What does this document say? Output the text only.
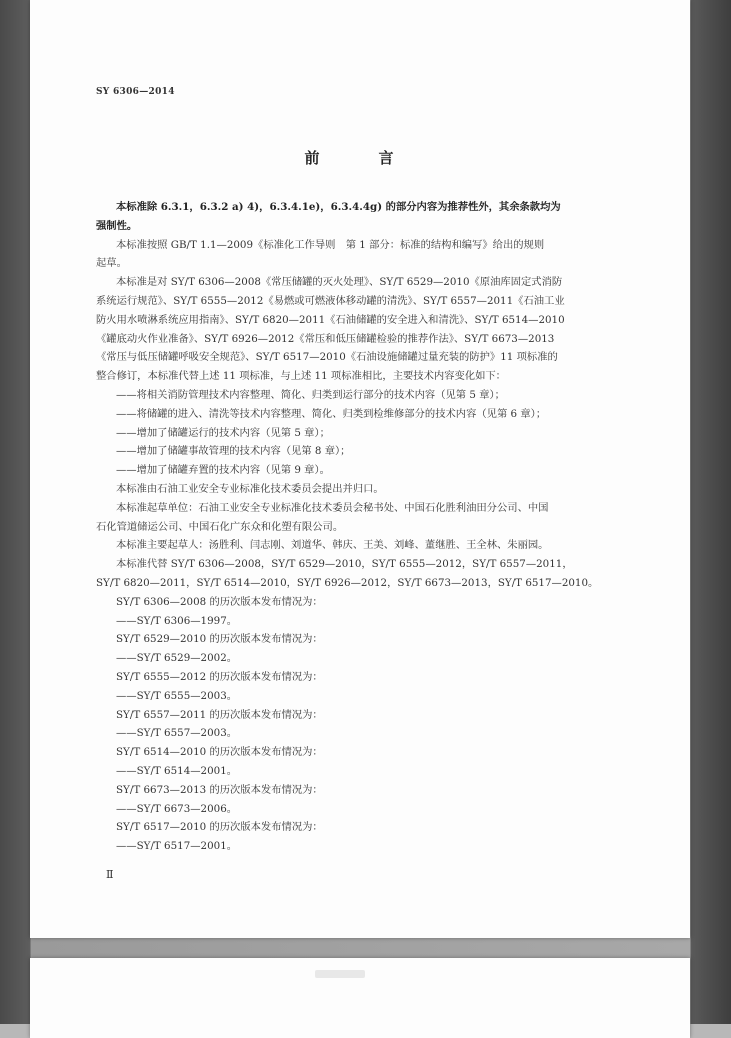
SY 6306—2014
前　言

本标准除 6.3.1，6.3.2 a) 4)，6.3.4.1e)，6.3.4.4g) 的部分内容为推荐性外，其余条款均为

强制性。

本标准按照 GB/T 1.1—2009《标准化工作导则　第 1 部分：标准的结构和编写》给出的规则

起草。

本标准是对 SY/T 6306—2008《常压储罐的灭火处理》、SY/T 6529—2010《原油库固定式消防

系统运行规范》、SY/T 6555—2012《易燃或可燃液体移动罐的清洗》、SY/T 6557—2011《石油工业

防火用水喷淋系统应用指南》、SY/T 6820—2011《石油储罐的安全进入和清洗》、SY/T 6514—2010

《罐底动火作业准备》、SY/T 6926—2012《常压和低压储罐检验的推荐作法》、SY/T 6673—2013

《常压与低压储罐呼吸安全规范》、SY/T 6517—2010《石油设施储罐过量充装的防护》11 项标准的

整合修订，本标准代替上述 11 项标准，与上述 11 项标准相比，主要技术内容变化如下：

——将相关消防管理技术内容整理、简化、归类到运行部分的技术内容（见第 5 章）；

——将储罐的进入、清洗等技术内容整理、简化、归类到检维修部分的技术内容（见第 6 章）；

——增加了储罐运行的技术内容（见第 5 章）；

——增加了储罐事故管理的技术内容（见第 8 章）；

——增加了储罐弃置的技术内容（见第 9 章）。

本标准由石油工业安全专业标准化技术委员会提出并归口。

本标准起草单位：石油工业安全专业标准化技术委员会秘书处、中国石化胜利油田分公司、中国

石化管道储运公司、中国石化广东众和化塑有限公司。

本标准主要起草人：汤胜利、闫志刚、刘道华、韩庆、王美、刘峰、董继胜、王全林、朱丽园。

本标准代替 SY/T 6306—2008，SY/T 6529—2010，SY/T 6555—2012，SY/T 6557—2011，

SY/T 6820—2011，SY/T 6514—2010，SY/T 6926—2012，SY/T 6673—2013，SY/T 6517—2010。

SY/T 6306—2008 的历次版本发布情况为：

——SY/T 6306—1997。

SY/T 6529—2010 的历次版本发布情况为：

——SY/T 6529—2002。

SY/T 6555—2012 的历次版本发布情况为：

——SY/T 6555—2003。

SY/T 6557—2011 的历次版本发布情况为：

——SY/T 6557—2003。

SY/T 6514—2010 的历次版本发布情况为：

——SY/T 6514—2001。

SY/T 6673—2013 的历次版本发布情况为：

——SY/T 6673—2006。

SY/T 6517—2010 的历次版本发布情况为：

——SY/T 6517—2001。

Ⅱ
